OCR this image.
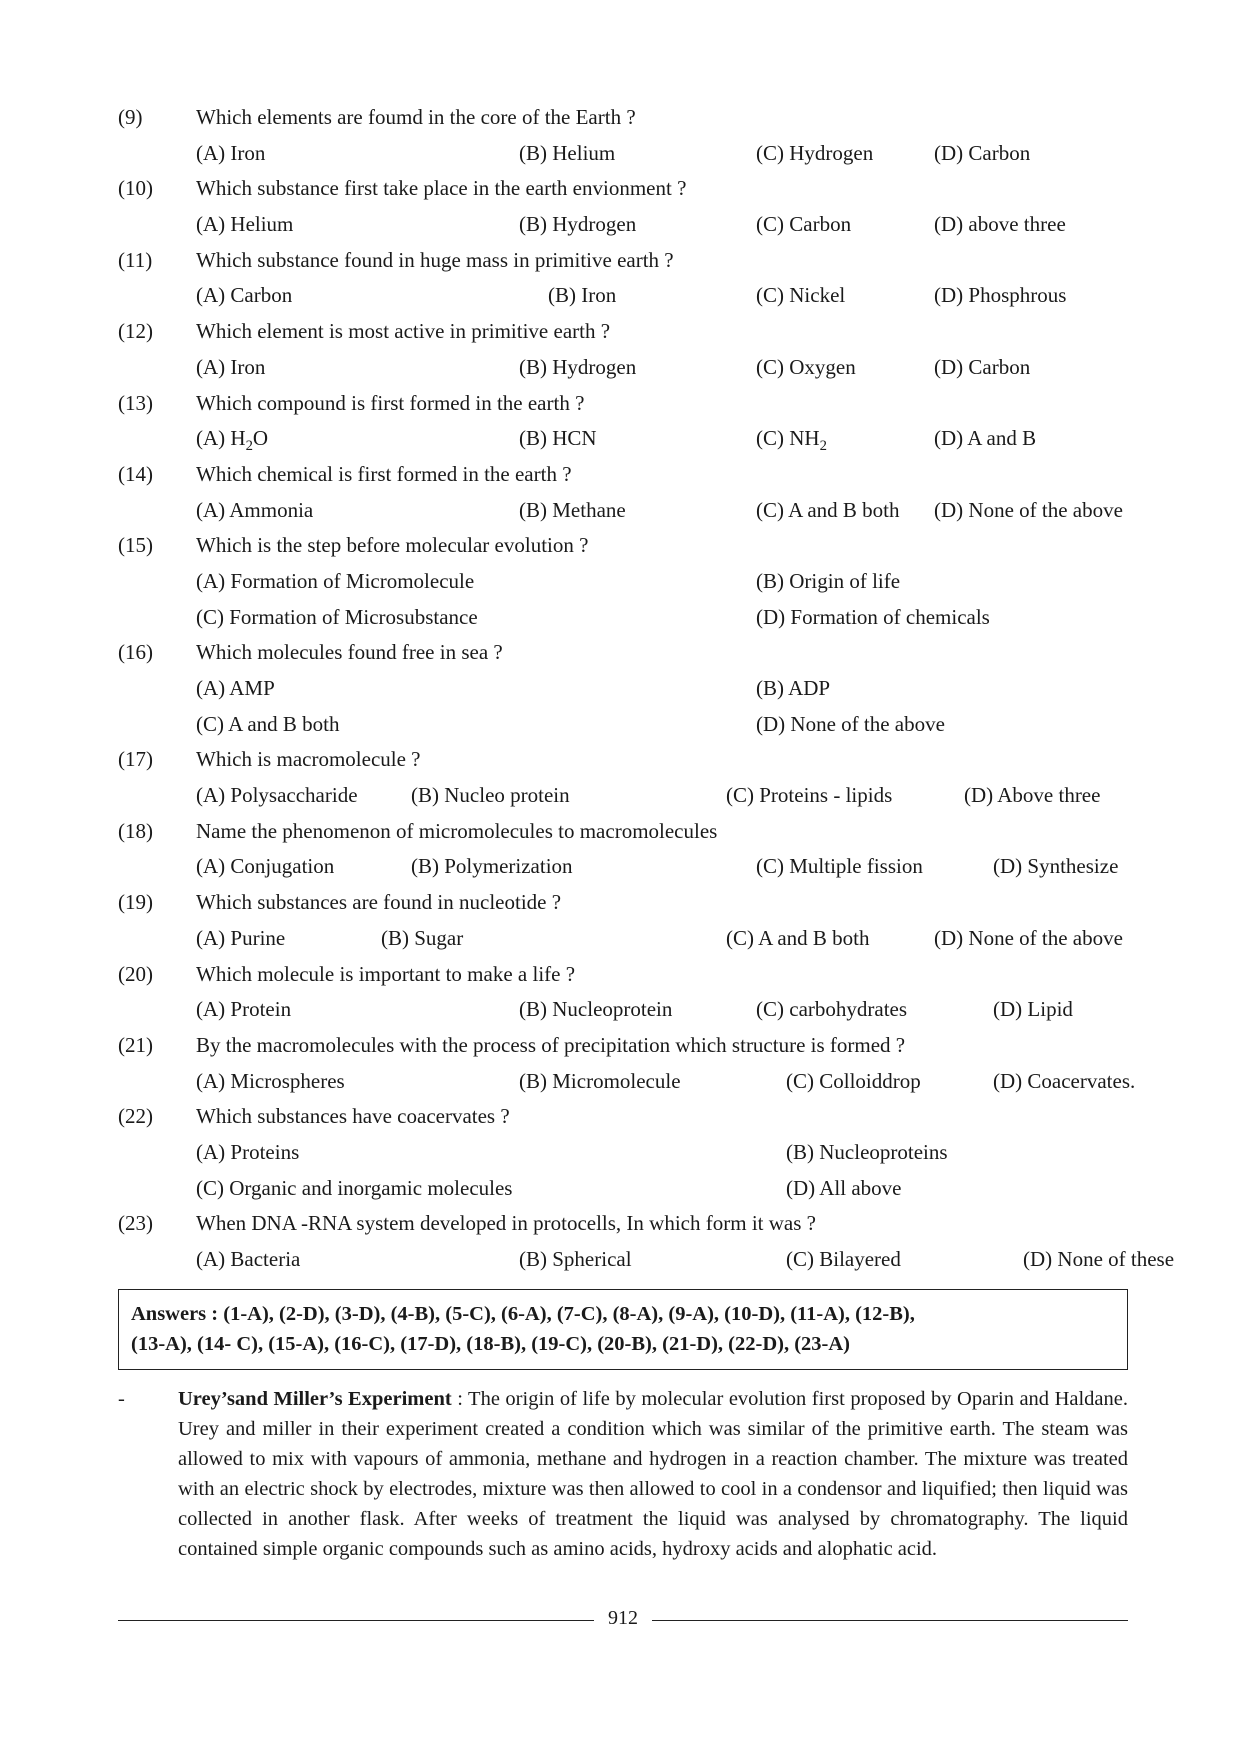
(9)	Which elements are foumd in the core of the Earth ?
(A) Iron	(B) Helium	(C) Hydrogen	(D) Carbon
(10) Which substance first take place in the earth envionment ?
(A) Helium	(B) Hydrogen	(C) Carbon	(D) above three
(11) Which substance found in huge mass in primitive earth ?
(A) Carbon	(B) Iron	(C) Nickel	(D) Phosphrous
(12) Which element is most active in primitive earth ?
(A) Iron	(B) Hydrogen	(C) Oxygen	(D) Carbon
(13) Which compound is first formed in the earth ?
(A) $H_2O$	(B) HCN	(C) $NH_2$	(D) A and B
(14) Which chemical is first formed in the earth ?
(A) Ammonia	(B) Methane	(C) A and B both (D) None of the above
(15) Which is the step before molecular evolution ?
(A) Formation of Micromolecule	(B) Origin of life
(C) Formation of Microsubstance	(D) Formation of chemicals
(16) Which molecules found free in sea ?
(A) AMP	(B) ADP
(C) A and B both	(D) None of the above
(17) Which is macromolecule ?
(A) Polysaccharide	(B) Nucleo protein	(C) Proteins - lipids	(D) Above three
(18) Name the phenomenon of micromolecules to macromolecules
(A) Conjugation	(B) Polymerization	(C) Multiple fission	(D) Synthesize
(19) Which substances are found in nucleotide ?
(A) Purine	(B) Sugar	(C) A and B both	(D) None of the above
(20) Which molecule is important to make a life ?
(A) Protein	(B) Nucleoprotein	(C) carbohydrates	(D) Lipid
(21) By the macromolecules with the process of precipitation which structure is formed ?
(A) Microspheres	(B) Micromolecule	(C) Colloiddrop	(D) Coacervates.
(22) Which substances have coacervates ?
(A) Proteins	(B) Nucleoproteins
(C) Organic and inorgamic molecules	(D) All above
(23) When DNA -RNA system developed in protocells, In which form it was ?
(A) Bacteria	(B) Spherical	(C) Bilayered	(D) None of these
Answers : (1-A), (2-D), (3-D), (4-B), (5-C), (6-A), (7-C), (8-A), (9-A), (10-D), (11-A), (12-B),
(13-A), (14- C), (15-A), (16-C), (17-D), (18-B), (19-C), (20-B), (21-D), (22-D), (23-A)
-	Urey’sand Miller’s Experiment : The origin of life by molecular evolution first proposed by Oparin and Haldane. Urey and miller in their experiment created a condition which was similar of the primitive earth. The steam was allowed to mix with vapours of ammonia, methane and hydrogen in a reaction chamber. The mixture was treated with an electric shock by electrodes, mixture was then allowed to cool in a condensor and liquified; then liquid was collected in another flask. After weeks of treatment the liquid was analysed by chromatography. The liquid contained simple organic compounds such as amino acids, hydroxy acids and alophatic acid.
912
